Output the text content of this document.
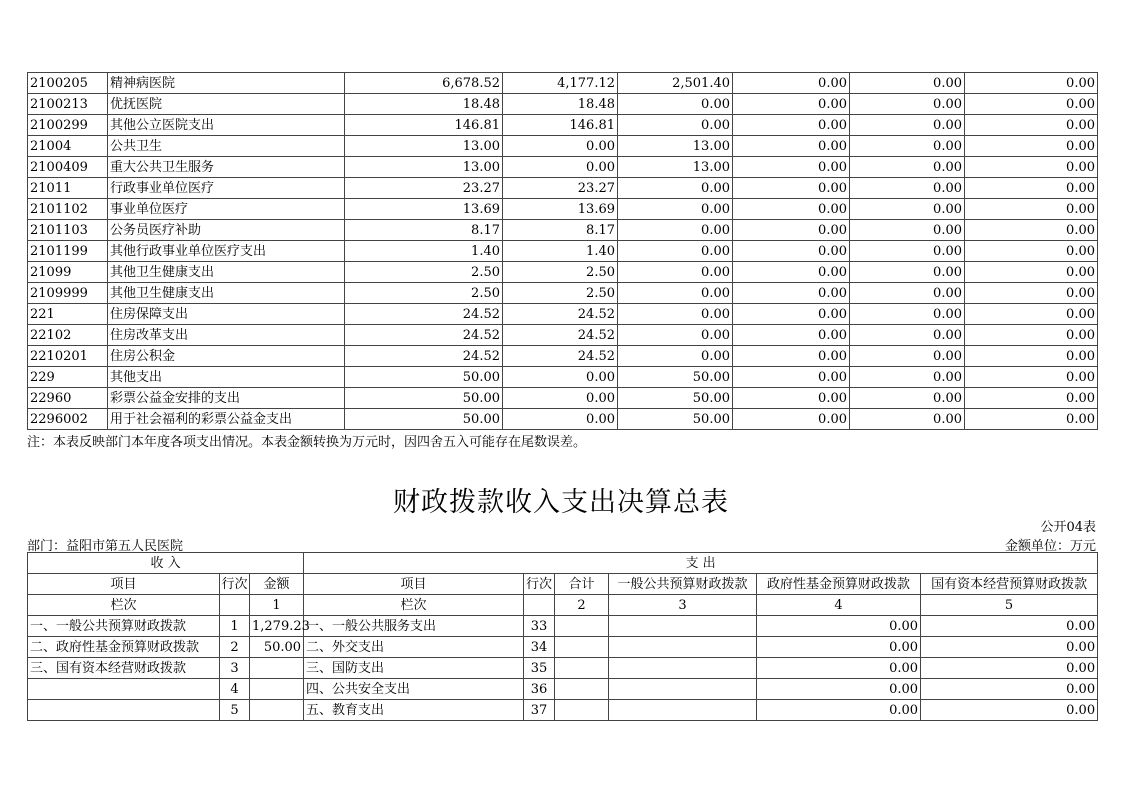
2100205	精神病医院	6,678.52	4,177.12	2,501.40	0.00	0.00	0.00
2100213	优抚医院	18.48	18.48	0.00	0.00	0.00	0.00
2100299	其他公立医院支出	146.81	146.81	0.00	0.00	0.00	0.00
21004	公共卫生	13.00	0.00	13.00	0.00	0.00	0.00
2100409	重大公共卫生服务	13.00	0.00	13.00	0.00	0.00	0.00
21011	行政事业单位医疗	23.27	23.27	0.00	0.00	0.00	0.00
2101102	事业单位医疗	13.69	13.69	0.00	0.00	0.00	0.00
2101103	公务员医疗补助	8.17	8.17	0.00	0.00	0.00	0.00
2101199	其他行政事业单位医疗支出	1.40	1.40	0.00	0.00	0.00	0.00
21099	其他卫生健康支出	2.50	2.50	0.00	0.00	0.00	0.00
2109999	其他卫生健康支出	2.50	2.50	0.00	0.00	0.00	0.00
221	住房保障支出	24.52	24.52	0.00	0.00	0.00	0.00
22102	住房改革支出	24.52	24.52	0.00	0.00	0.00	0.00
2210201	住房公积金	24.52	24.52	0.00	0.00	0.00	0.00
229	其他支出	50.00	0.00	50.00	0.00	0.00	0.00
22960	彩票公益金安排的支出	50.00	0.00	50.00	0.00	0.00	0.00
2296002	用于社会福利的彩票公益金支出	50.00	0.00	50.00	0.00	0.00	0.00
注：本表反映部门本年度各项支出情况。本表金额转换为万元时，因四舍五入可能存在尾数误差。
财政拨款收入支出决算总表
公开04表
部门：益阳市第五人民医院	金额单位：万元
收 入			支 出					
项目	行次	金额	项目	行次	合计	一般公共预算财政拨款	政府性基金预算财政拨款	国有资本经营预算财政拨款
栏次		1	栏次		2	3	4	5
一、一般公共预算财政拨款	1	1,279.23	一、一般公共服务支出	33			0.00	0.00
二、政府性基金预算财政拨款	2	50.00	二、外交支出	34			0.00	0.00
三、国有资本经营财政拨款	3		三、国防支出	35			0.00	0.00
	4		四、公共安全支出	36			0.00	0.00
	5		五、教育支出	37			0.00	0.00
